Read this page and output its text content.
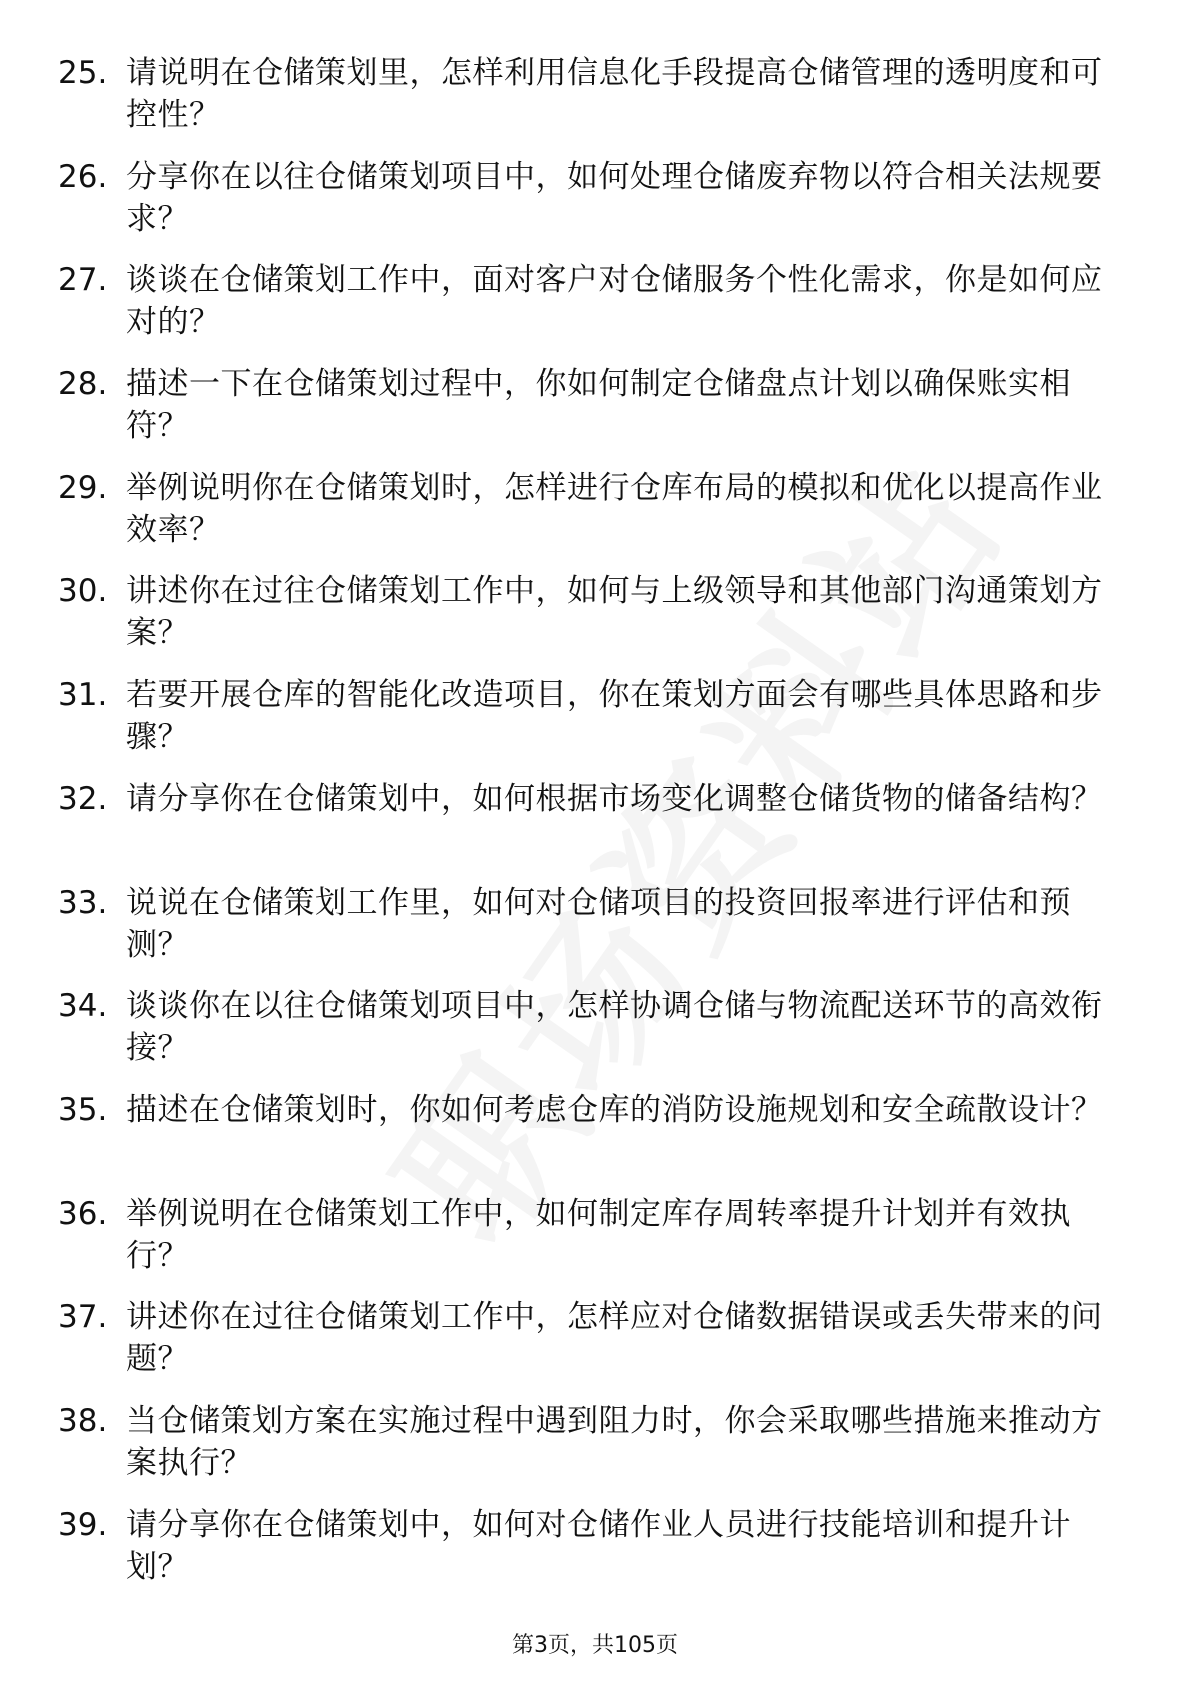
25. 请说明在仓储策划里，怎样利用信息化手段提高仓储管理的透明度和可控性？
26. 分享你在以往仓储策划项目中，如何处理仓储废弃物以符合相关法规要求？
27. 谈谈在仓储策划工作中，面对客户对仓储服务个性化需求，你是如何应对的？
28. 描述一下在仓储策划过程中，你如何制定仓储盘点计划以确保账实相符？
29. 举例说明你在仓储策划时，怎样进行仓库布局的模拟和优化以提高作业效率？
30. 讲述你在过往仓储策划工作中，如何与上级领导和其他部门沟通策划方案？
31. 若要开展仓库的智能化改造项目，你在策划方面会有哪些具体思路和步骤？
32. 请分享你在仓储策划中，如何根据市场变化调整仓储货物的储备结构？
33. 说说在仓储策划工作里，如何对仓储项目的投资回报率进行评估和预测？
34. 谈谈你在以往仓储策划项目中，怎样协调仓储与物流配送环节的高效衔接？
35. 描述在仓储策划时，你如何考虑仓库的消防设施规划和安全疏散设计？
36. 举例说明在仓储策划工作中，如何制定库存周转率提升计划并有效执行？
37. 讲述你在过往仓储策划工作中，怎样应对仓储数据错误或丢失带来的问题？
38. 当仓储策划方案在实施过程中遇到阻力时，你会采取哪些措施来推动方案执行？
39. 请分享你在仓储策划中，如何对仓储作业人员进行技能培训和提升计划？
第3页，共105页
